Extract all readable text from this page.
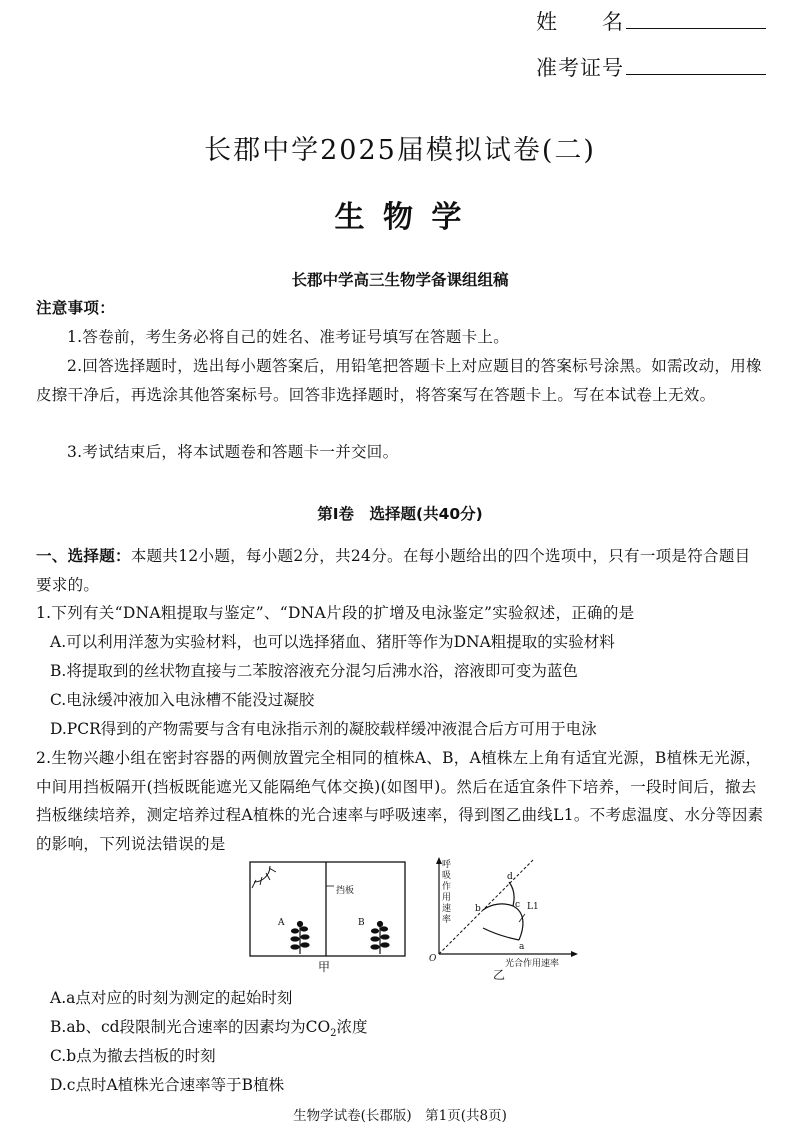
姓　　名
准考证号
长郡中学2025届模拟试卷(二)
生 物 学
长郡中学高三生物学备课组组稿
注意事项：
1.答卷前，考生务必将自己的姓名、准考证号填写在答题卡上。
2.回答选择题时，选出每小题答案后，用铅笔把答题卡上对应题目的答案标号涂黑。如需改动，用橡皮擦干净后，再选涂其他答案标号。回答非选择题时，将答案写在答题卡上。写在本试卷上无效。
3.考试结束后，将本试题卷和答题卡一并交回。
第Ⅰ卷　选择题(共40分)
一、选择题：本题共12小题，每小题2分，共24分。在每小题给出的四个选项中，只有一项是符合题目要求的。
1.下列有关“DNA粗提取与鉴定”、“DNA片段的扩增及电泳鉴定”实验叙述，正确的是
A.可以利用洋葱为实验材料，也可以选择猪血、猪肝等作为DNA粗提取的实验材料
B.将提取到的丝状物直接与二苯胺溶液充分混匀后沸水浴，溶液即可变为蓝色
C.电泳缓冲液加入电泳槽不能没过凝胶
D.PCR得到的产物需要与含有电泳指示剂的凝胶载样缓冲液混合后方可用于电泳
2.生物兴趣小组在密封容器的两侧放置完全相同的植株A、B，A植株左上角有适宜光源，B植株无光源，中间用挡板隔开(挡板既能遮光又能隔绝气体交换)(如图甲)。然后在适宜条件下培养，一段时间后，撤去挡板继续培养，测定培养过程A植株的光合速率与呼吸速率，得到图乙曲线L1。不考虑温度、水分等因素的影响，下列说法错误的是
挡板
A	B
甲
呼吸作用速率
光合作用速率
O
a
b	c
d
L1
乙
A.a点对应的时刻为测定的起始时刻
B.ab、cd段限制光合速率的因素均为$CO_2$浓度
C.b点为撤去挡板的时刻
D.c点时A植株光合速率等于B植株
生物学试卷(长郡版)　第1页(共8页)
